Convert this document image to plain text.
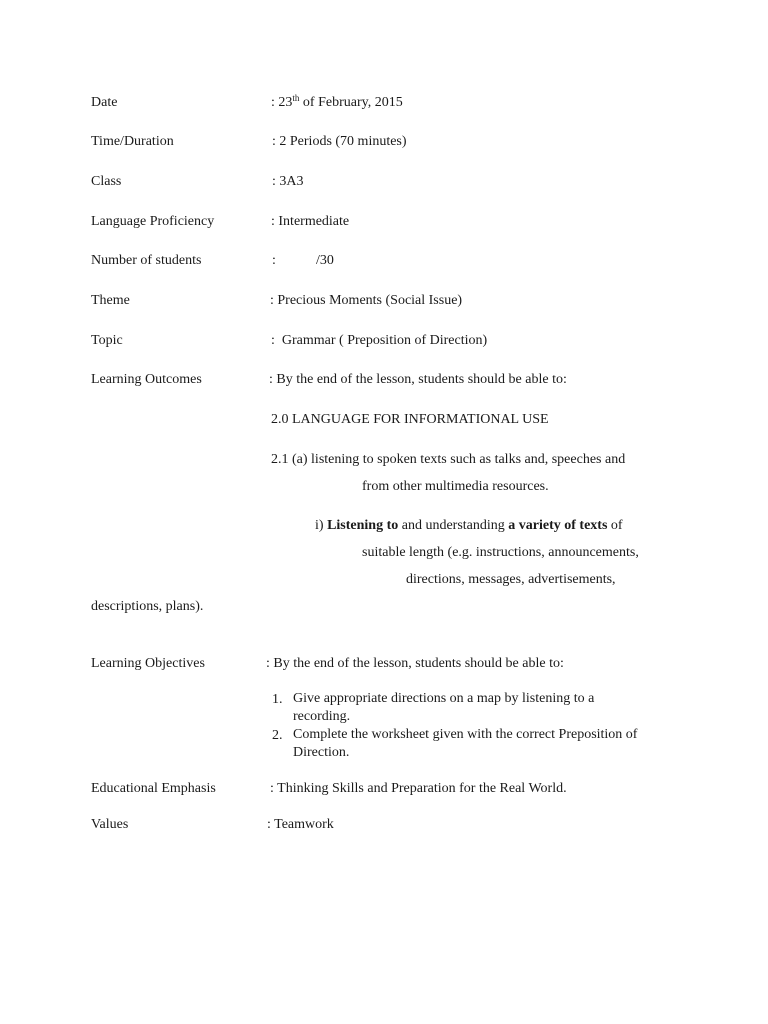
Date	: 23th of February, 2015
Time/Duration	: 2 Periods (70 minutes)
Class	: 3A3
Language Proficiency	: Intermediate
Number of students	:	/30
Theme	: Precious Moments (Social Issue)
Topic	:  Grammar ( Preposition of Direction)
Learning Outcomes	: By the end of the lesson, students should be able to:
2.0 LANGUAGE FOR INFORMATIONAL USE
2.1 (a) listening to spoken texts such as talks and, speeches and
from other multimedia resources.
i) Listening to and understanding a variety of texts of
suitable length (e.g. instructions, announcements,
directions, messages, advertisements,
descriptions, plans).
Learning Objectives	: By the end of the lesson, students should be able to:
1. Give appropriate directions on a map by listening to a
recording.
2. Complete the worksheet given with the correct Preposition of
Direction.
Educational Emphasis	: Thinking Skills and Preparation for the Real World.
Values	: Teamwork
